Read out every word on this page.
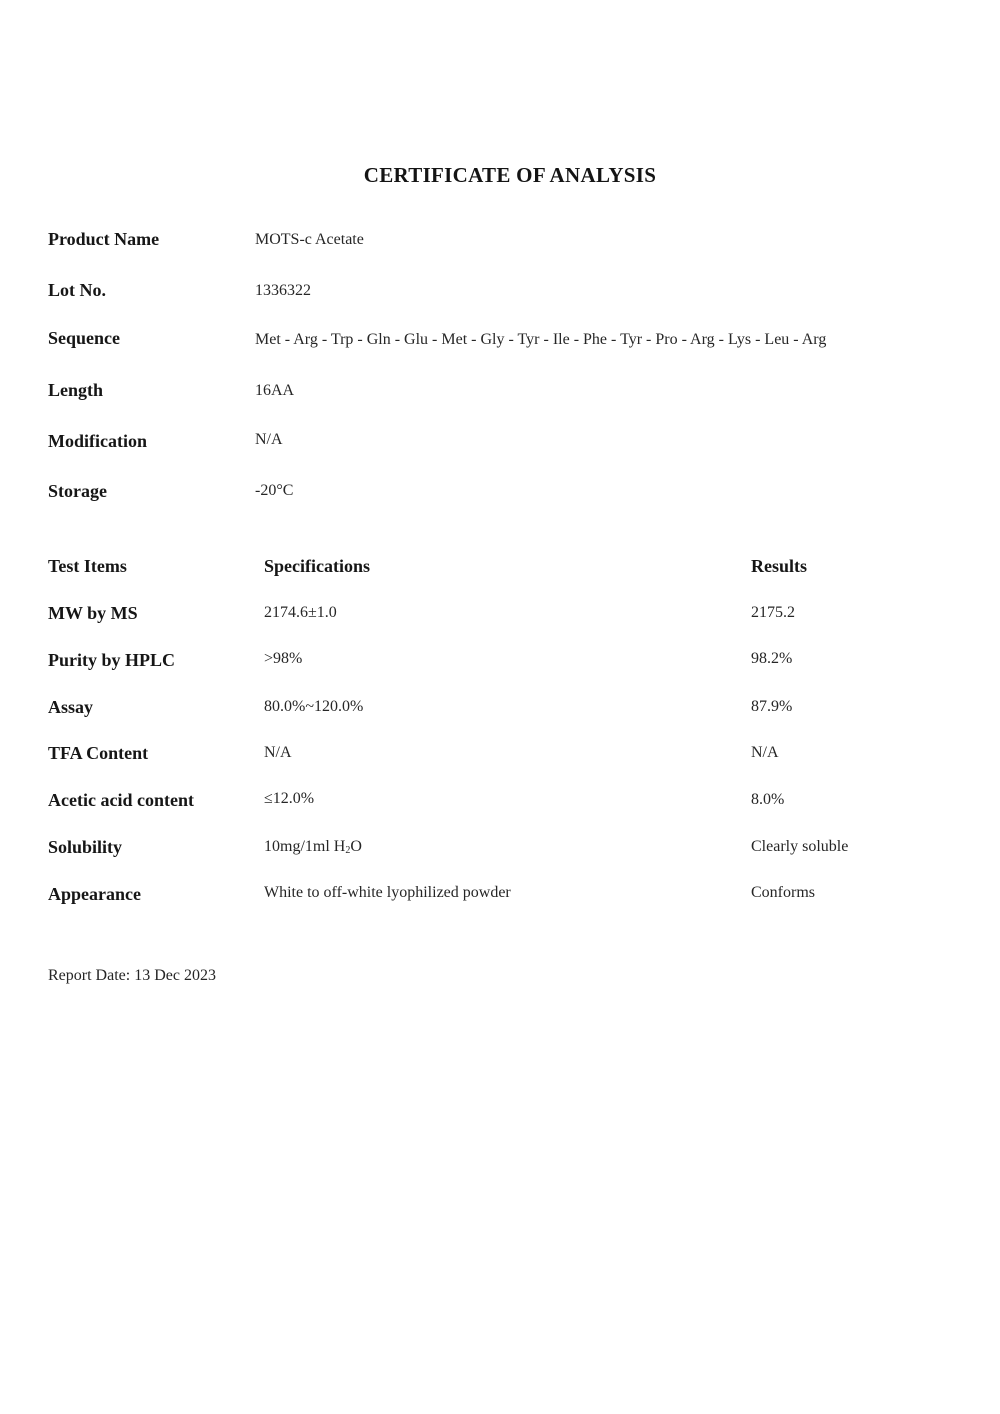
CERTIFICATE OF ANALYSIS
Product Name	MOTS-c Acetate
Lot No.	1336322
Sequence	Met - Arg - Trp - Gln - Glu - Met - Gly - Tyr - Ile - Phe - Tyr - Pro - Arg - Lys - Leu - Arg
Length	16AA
Modification	N/A
Storage	-20°C
Test Items	Specifications	Results
MW by MS	2174.6±1.0	2175.2
Purity by HPLC	>98%	98.2%
Assay	80.0%~120.0%	87.9%
TFA Content	N/A	N/A
Acetic acid content	≤12.0%	8.0%
Solubility	10mg/1ml $H_2O$	Clearly soluble
Appearance	White to off-white lyophilized powder	Conforms
Report Date: 13 Dec 2023
